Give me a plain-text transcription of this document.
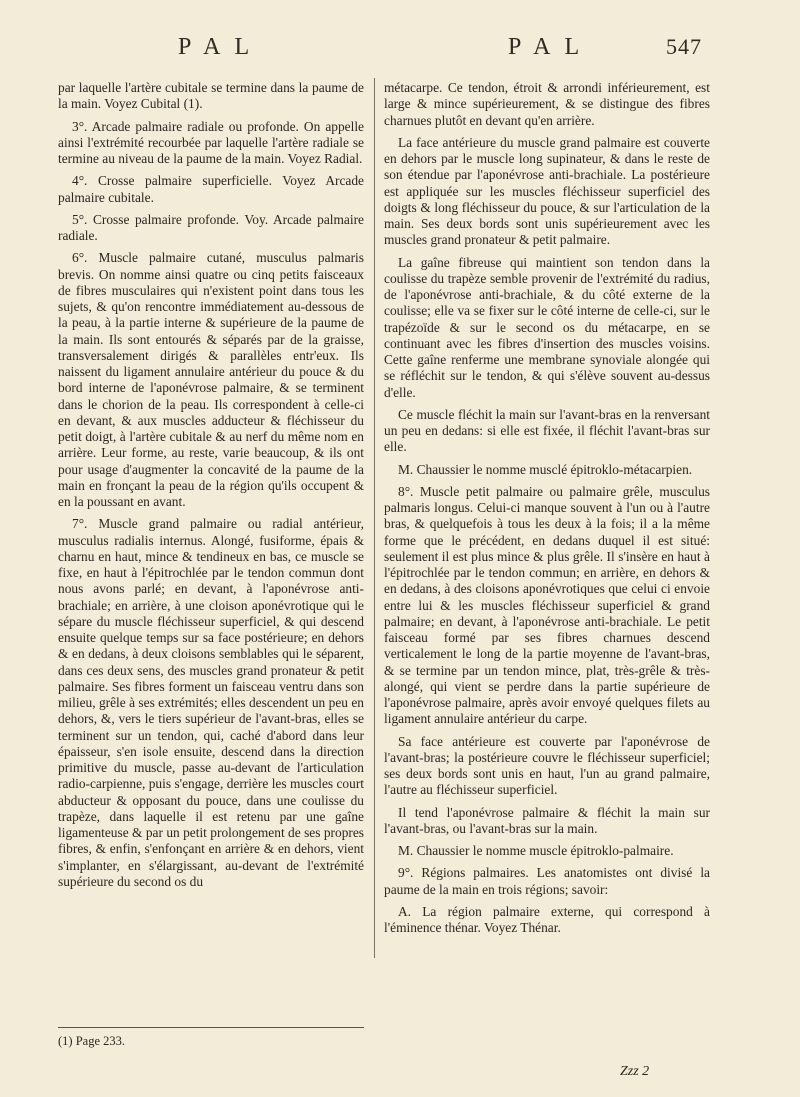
PAL	PAL	547

par laquelle l'artère cubitale se termine dans la paume de la main. Voyez Cubital (1).

3°. Arcade palmaire radiale ou profonde. On appelle ainsi l'extrémité recourbée par laquelle l'artère radiale se termine au niveau de la paume de la main. Voyez Radial.

4°. Crosse palmaire superficielle. Voyez Arcade palmaire cubitale.

5°. Crosse palmaire profonde. Voy. Arcade palmaire radiale.

6°. Muscle palmaire cutané, musculus palmaris brevis. On nomme ainsi quatre ou cinq petits faisceaux de fibres musculaires qui n'existent point dans tous les sujets, & qu'on rencontre immédiatement au-dessous de la peau, à la partie interne & supérieure de la paume de la main. Ils sont entourés & séparés par de la graisse, transversalement dirigés & parallèles entr'eux. Ils naissent du ligament annulaire antérieur du pouce & du bord interne de l'aponévrose palmaire, & se terminent dans le chorion de la peau. Ils correspondent à celle-ci en devant, & aux muscles adducteur & fléchisseur du petit doigt, à l'artère cubitale & au nerf du même nom en arrière. Leur forme, au reste, varie beaucoup, & ils ont pour usage d'augmenter la concavité de la paume de la main en fronçant la peau de la région qu'ils occupent & en la poussant en avant.

7°. Muscle grand palmaire ou radial antérieur, musculus radialis internus. Alongé, fusiforme, épais & charnu en haut, mince & tendineux en bas, ce muscle se fixe, en haut à l'épitrochlée par le tendon commun dont nous avons parlé; en devant, à l'aponévrose anti-brachiale; en arrière, à une cloison aponévrotique qui le sépare du muscle fléchisseur superficiel, & qui descend ensuite quelque temps sur sa face postérieure; en dehors & en dedans, à deux cloisons semblables qui le séparent, dans ces deux sens, des muscles grand pronateur & petit palmaire. Ses fibres forment un faisceau ventru dans son milieu, grêle à ses extrémités; elles descendent un peu en dehors, &, vers le tiers supérieur de l'avant-bras, elles se terminent sur un tendon, qui, caché d'abord dans leur épaisseur, s'en isole ensuite, descend dans la direction primitive du muscle, passe au-devant de l'articulation radio-carpienne, puis s'engage, derrière les muscles court abducteur & opposant du pouce, dans une coulisse du trapèze, dans laquelle il est retenu par une gaîne ligamenteuse & par un petit prolongement de ses propres fibres, & enfin, s'enfonçant en arrière & en dehors, vient s'implanter, en s'élargissant, au-devant de l'extrémité supérieure du second os du

métacarpe. Ce tendon, étroit & arrondi inférieurement, est large & mince supérieurement, & se distingue des fibres charnues plutôt en devant qu'en arrière.

La face antérieure du muscle grand palmaire est couverte en dehors par le muscle long supinateur, & dans le reste de son étendue par l'aponévrose anti-brachiale. La postérieure est appliquée sur les muscles fléchisseur superficiel des doigts & long fléchisseur du pouce, & sur l'articulation de la main. Ses deux bords sont unis supérieurement avec les muscles grand pronateur & petit palmaire.

La gaîne fibreuse qui maintient son tendon dans la coulisse du trapèze semble provenir de l'extrémité du radius, de l'aponévrose anti-brachiale, & du côté externe de la coulisse; elle va se fixer sur le côté interne de celle-ci, sur le trapézoïde & sur le second os du métacarpe, en se continuant avec les fibres d'insertion des muscles voisins. Cette gaîne renferme une membrane synoviale alongée qui se réfléchit sur le tendon, & qui s'élève souvent au-dessus d'elle.

Ce muscle fléchit la main sur l'avant-bras en la renversant un peu en dedans: si elle est fixée, il fléchit l'avant-bras sur elle.

M. Chaussier le nomme musclé épitroklo-métacarpien.

8°. Muscle petit palmaire ou palmaire grêle, musculus palmaris longus. Celui-ci manque souvent à l'un ou à l'autre bras, & quelquefois à tous les deux à la fois; il a la même forme que le précédent, en dedans duquel il est situé: seulement il est plus mince & plus grêle. Il s'insère en haut à l'épitrochlée par le tendon commun; en arrière, en dehors & en dedans, à des cloisons aponévrotiques que celui ci envoie entre lui & les muscles fléchisseur superficiel & grand palmaire; en devant, à l'aponévrose anti-brachiale. Le petit faisceau formé par ses fibres charnues descend verticalement le long de la partie moyenne de l'avant-bras, & se termine par un tendon mince, plat, très-grêle & très-alongé, qui vient se perdre dans la partie supérieure de l'aponévrose palmaire, après avoir envoyé quelques filets au ligament annulaire antérieur du carpe.

Sa face antérieure est couverte par l'aponévrose de l'avant-bras; la postérieure couvre le fléchisseur superficiel; ses deux bords sont unis en haut, l'un au grand palmaire, l'autre au fléchisseur superficiel.

Il tend l'aponévrose palmaire & fléchit la main sur l'avant-bras, ou l'avant-bras sur la main.

M. Chaussier le nomme muscle épitroklo-palmaire.

9°. Régions palmaires. Les anatomistes ont divisé la paume de la main en trois régions; savoir:

A. La région palmaire externe, qui correspond à l'éminence thénar. Voyez Thénar.

(1) Page 233.
Zzz 2
